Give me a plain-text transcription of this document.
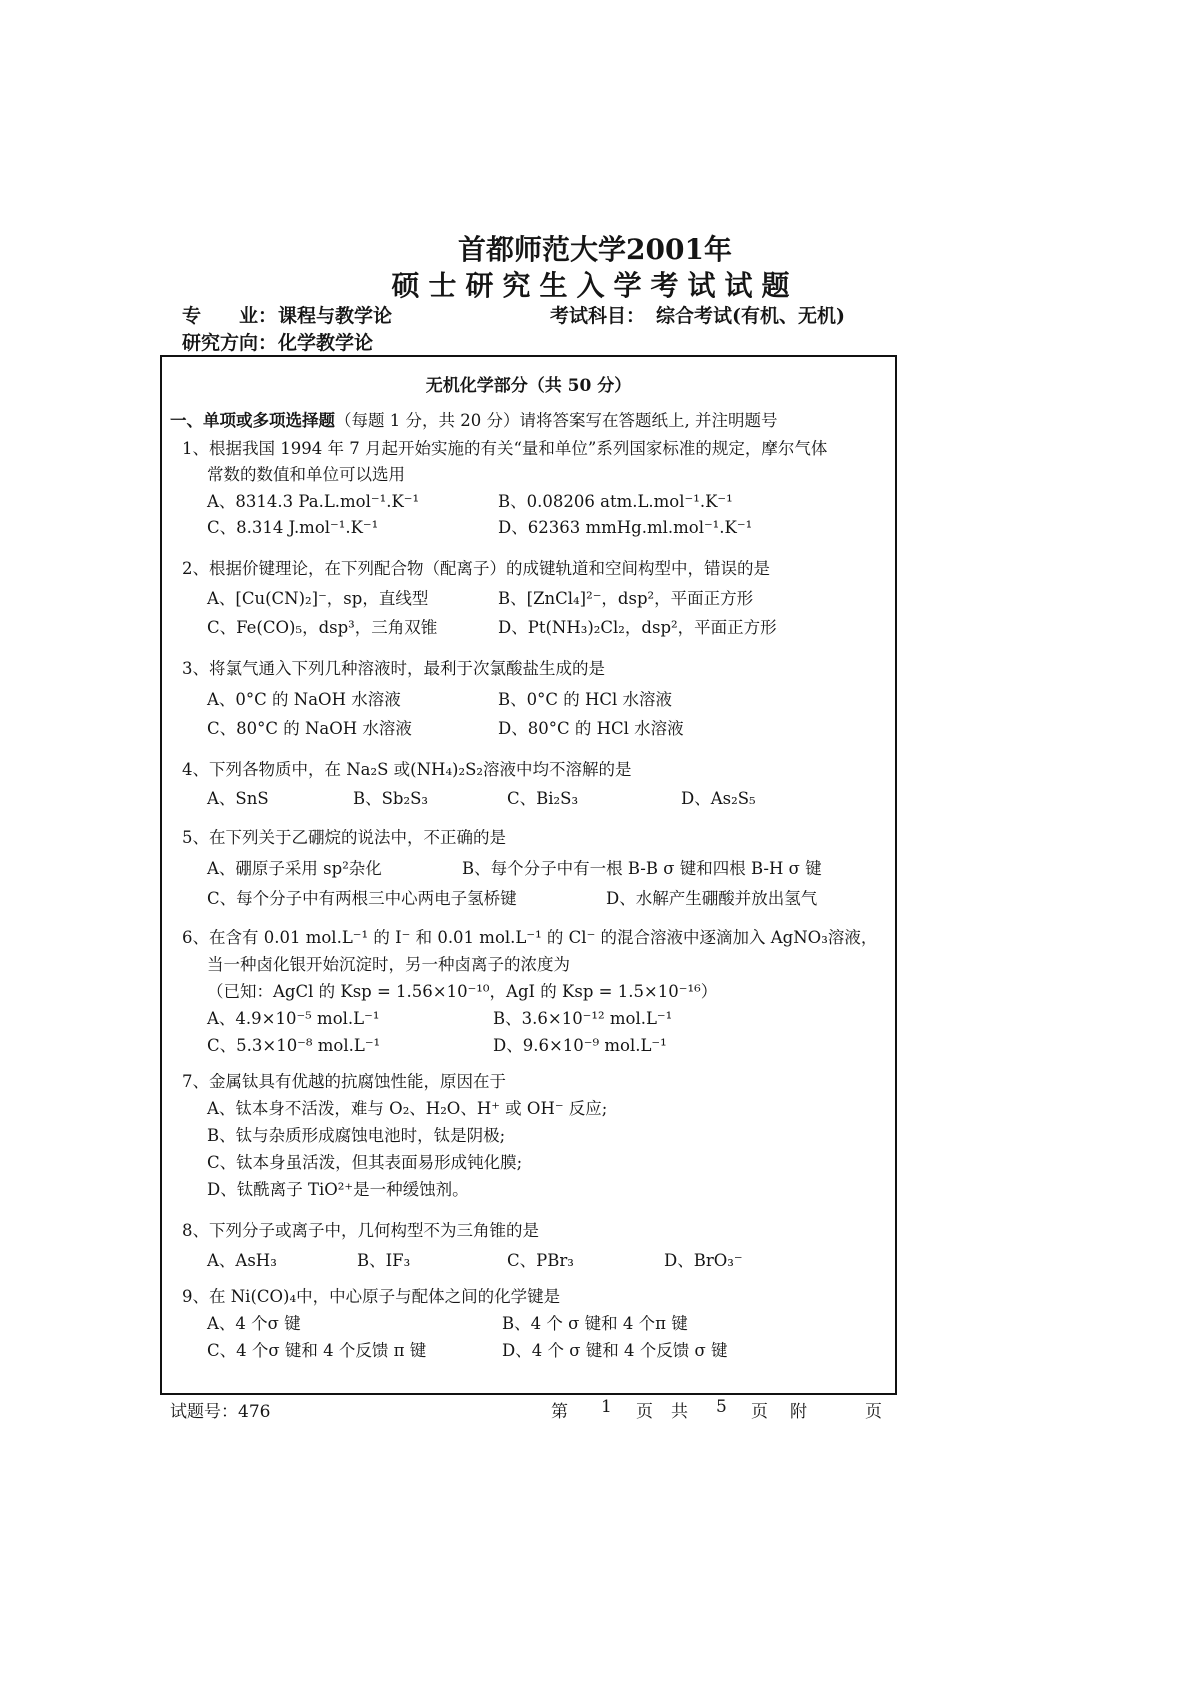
首都师范大学2001年
硕士研究生入学考试试题
专　　业： 课程与教学论	考试科目： 综合考试(有机、无机)
研究方向： 化学教学论
无机化学部分（共 50 分）
一、单项或多项选择题（每题 1 分，共 20 分）请将答案写在答题纸上, 并注明题号
1、根据我国 1994 年 7 月起开始实施的有关“量和单位”系列国家标准的规定，摩尔气体
常数的数值和单位可以选用
A、8314.3 Pa.L.mol⁻¹.K⁻¹	B、0.08206 atm.L.mol⁻¹.K⁻¹
C、8.314 J.mol⁻¹.K⁻¹	D、62363 mmHg.ml.mol⁻¹.K⁻¹
2、根据价键理论，在下列配合物（配离子）的成键轨道和空间构型中，错误的是
A、[Cu(CN)₂]⁻，sp，直线型	B、[ZnCl₄]²⁻，dsp²，平面正方形
C、Fe(CO)₅，dsp³，三角双锥	D、Pt(NH₃)₂Cl₂，dsp²，平面正方形
3、将氯气通入下列几种溶液时，最利于次氯酸盐生成的是
A、0°C 的 NaOH 水溶液	B、0°C 的 HCl 水溶液
C、80°C 的 NaOH 水溶液	D、80°C 的 HCl 水溶液
4、下列各物质中，在 Na₂S 或(NH₄)₂S₂溶液中均不溶解的是
A、SnS	B、Sb₂S₃	C、Bi₂S₃	D、As₂S₅
5、在下列关于乙硼烷的说法中，不正确的是
A、硼原子采用 sp²杂化	B、每个分子中有一根 B-B σ 键和四根 B-H σ 键
C、每个分子中有两根三中心两电子氢桥键	D、水解产生硼酸并放出氢气
6、在含有 0.01 mol.L⁻¹ 的 I⁻ 和 0.01 mol.L⁻¹ 的 Cl⁻ 的混合溶液中逐滴加入 AgNO₃溶液，
当一种卤化银开始沉淀时，另一种卤离子的浓度为
（已知：AgCl 的 Ksp = 1.56×10⁻¹⁰，AgI 的 Ksp = 1.5×10⁻¹⁶）
A、4.9×10⁻⁵ mol.L⁻¹	B、3.6×10⁻¹² mol.L⁻¹
C、5.3×10⁻⁸ mol.L⁻¹	D、9.6×10⁻⁹ mol.L⁻¹
7、金属钛具有优越的抗腐蚀性能，原因在于
A、钛本身不活泼，难与 O₂、H₂O、H⁺ 或 OH⁻ 反应;
B、钛与杂质形成腐蚀电池时，钛是阴极;
C、钛本身虽活泼，但其表面易形成钝化膜;
D、钛酰离子 TiO²⁺是一种缓蚀剂。
8、下列分子或离子中，几何构型不为三角锥的是
A、AsH₃	B、IF₃	C、PBr₃	D、BrO₃⁻
9、在 Ni(CO)₄中，中心原子与配体之间的化学键是
A、4 个σ 键	B、4 个 σ 键和 4 个π 键
C、4 个σ 键和 4 个反馈 π 键	D、4 个 σ 键和 4 个反馈 σ 键
试题号：476	第 1 页 共 5 页 附	页
